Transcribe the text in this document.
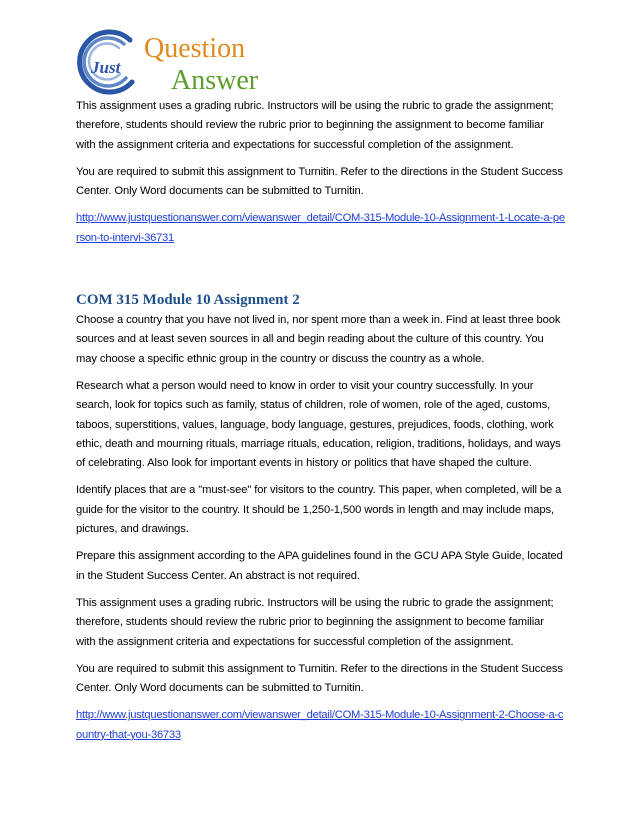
Just
Question
Answer

This assignment uses a grading rubric. Instructors will be using the rubric to grade the assignment; therefore, students should review the rubric prior to beginning the assignment to become familiar with the assignment criteria and expectations for successful completion of the assignment.

You are required to submit this assignment to Turnitin. Refer to the directions in the Student Success Center. Only Word documents can be submitted to Turnitin.

http://www.justquestionanswer.com/viewanswer_detail/COM-315-Module-10-Assignment-1-Locate-a-person-to-intervi-36731

COM 315 Module 10 Assignment 2

Choose a country that you have not lived in, nor spent more than a week in. Find at least three book sources and at least seven sources in all and begin reading about the culture of this country. You may choose a specific ethnic group in the country or discuss the country as a whole.

Research what a person would need to know in order to visit your country successfully. In your search, look for topics such as family, status of children, role of women, role of the aged, customs, taboos, superstitions, values, language, body language, gestures, prejudices, foods, clothing, work ethic, death and mourning rituals, marriage rituals, education, religion, traditions, holidays, and ways of celebrating. Also look for important events in history or politics that have shaped the culture.

Identify places that are a "must-see" for visitors to the country. This paper, when completed, will be a guide for the visitor to the country. It should be 1,250-1,500 words in length and may include maps, pictures, and drawings.

Prepare this assignment according to the APA guidelines found in the GCU APA Style Guide, located in the Student Success Center. An abstract is not required.

This assignment uses a grading rubric. Instructors will be using the rubric to grade the assignment; therefore, students should review the rubric prior to beginning the assignment to become familiar with the assignment criteria and expectations for successful completion of the assignment.

You are required to submit this assignment to Turnitin. Refer to the directions in the Student Success Center. Only Word documents can be submitted to Turnitin.

http://www.justquestionanswer.com/viewanswer_detail/COM-315-Module-10-Assignment-2-Choose-a-country-that-you-36733
